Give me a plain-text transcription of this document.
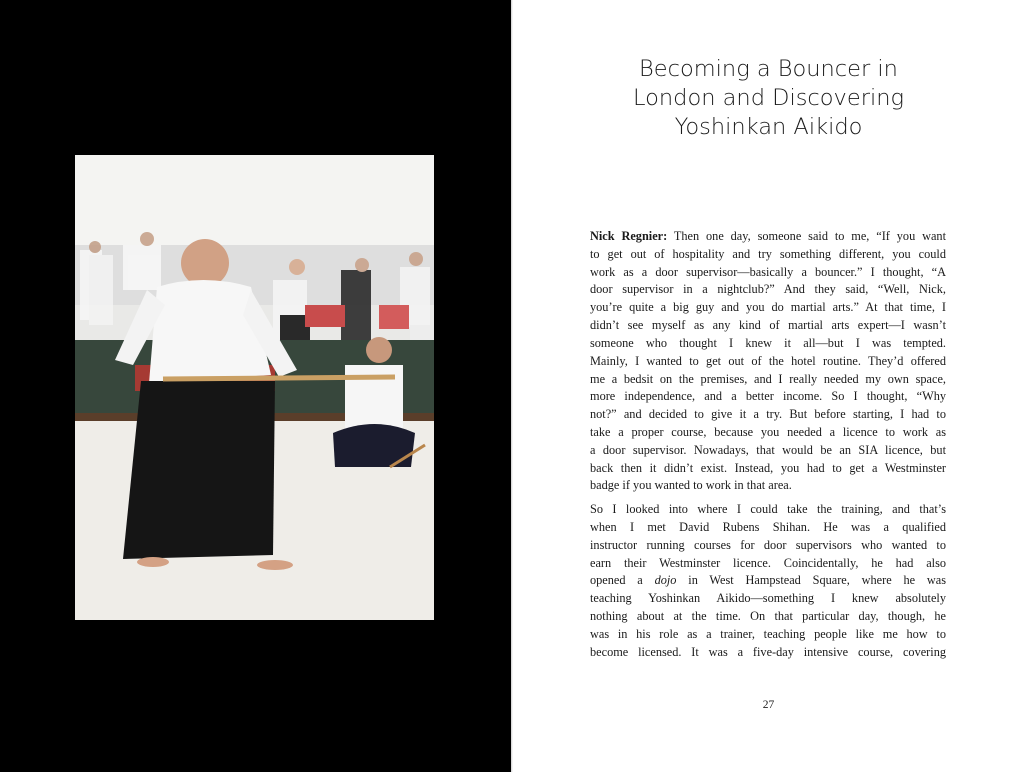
Becoming a Bouncer in
London and Discovering
Yoshinkan Aikido

Nick Regnier: Then one day, someone said to me, “If you want
to get out of hospitality and try something different, you could
work as a door supervisor—basically a bouncer.” I thought, “A
door supervisor in a nightclub?” And they said, “Well, Nick,
you’re quite a big guy and you do martial arts.” At that time, I
didn’t see myself as any kind of martial arts expert—I wasn’t
someone who thought I knew it all—but I was tempted.
Mainly, I wanted to get out of the hotel routine. They’d offered
me a bedsit on the premises, and I really needed my own space,
more independence, and a better income. So I thought, “Why
not?” and decided to give it a try. But before starting, I had to
take a proper course, because you needed a licence to work as
a door supervisor. Nowadays, that would be an SIA licence, but
back then it didn’t exist. Instead, you had to get a Westminster
badge if you wanted to work in that area.

So I looked into where I could take the training, and that’s
when I met David Rubens Shihan. He was a qualified
instructor running courses for door supervisors who wanted to
earn their Westminster licence. Coincidentally, he had also
opened a dojo in West Hampstead Square, where he was
teaching Yoshinkan Aikido—something I knew absolutely
nothing about at the time. On that particular day, though, he
was in his role as a trainer, teaching people like me how to
become licensed. It was a five-day intensive course, covering

27
